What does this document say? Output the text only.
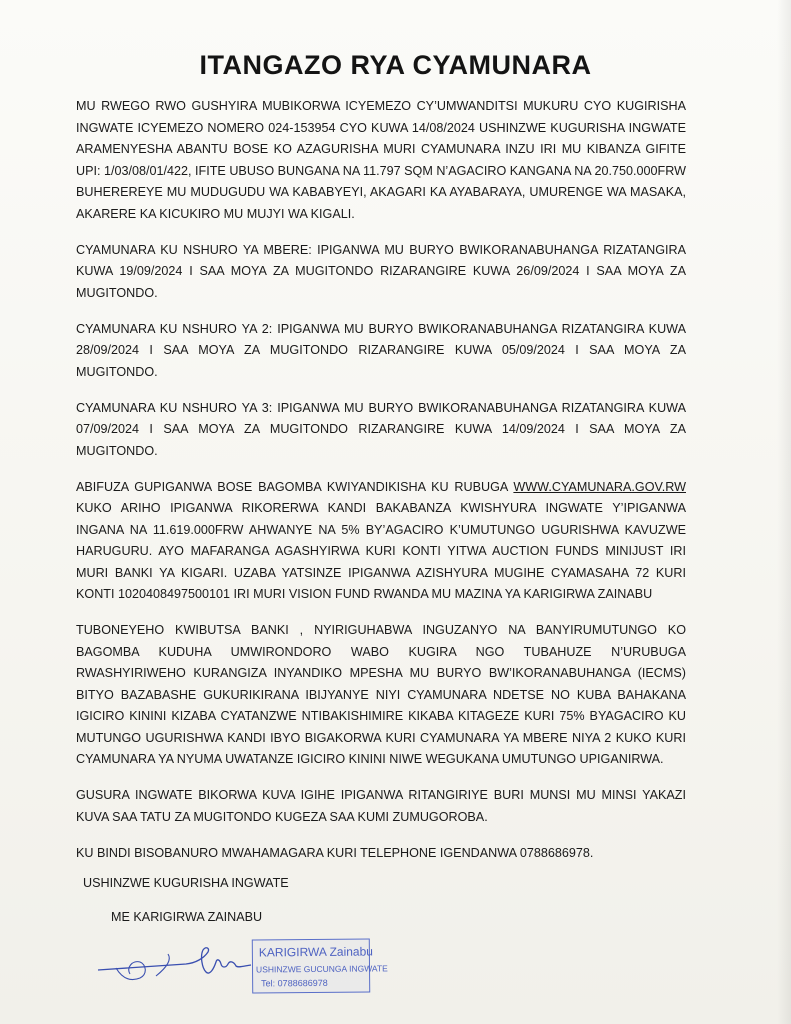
ITANGAZO RYA CYAMUNARA

MU RWEGO RWO GUSHYIRA MUBIKORWA ICYEMEZO CY’UMWANDITSI MUKURU CYO KUGIRISHA INGWATE ICYEMEZO NOMERO 024-153954 CYO KUWA 14/08/2024 USHINZWE KUGURISHA INGWATE ARAMENYESHA ABANTU BOSE KO AZAGURISHA MURI CYAMUNARA INZU IRI MU KIBANZA GIFITE UPI: 1/03/08/01/422, IFITE UBUSO BUNGANA NA 11.797 SQM N’AGACIRO KANGANA NA 20.750.000FRW BUHEREREYE MU MUDUGUDU WA KABABYEYI, AKAGARI KA AYABARAYA, UMURENGE WA MASAKA, AKARERE KA KICUKIRO MU MUJYI WA KIGALI.

CYAMUNARA KU NSHURO YA MBERE: IPIGANWA MU BURYO BWIKORANABUHANGA RIZATANGIRA KUWA 19/09/2024 I SAA MOYA ZA MUGITONDO RIZARANGIRE KUWA 26/09/2024 I SAA MOYA ZA MUGITONDO.

CYAMUNARA KU NSHURO YA 2: IPIGANWA MU BURYO BWIKORANABUHANGA RIZATANGIRA KUWA 28/09/2024 I SAA MOYA ZA MUGITONDO RIZARANGIRE KUWA 05/09/2024 I SAA MOYA ZA MUGITONDO.

CYAMUNARA KU NSHURO YA 3: IPIGANWA MU BURYO BWIKORANABUHANGA RIZATANGIRA KUWA 07/09/2024 I SAA MOYA ZA MUGITONDO RIZARANGIRE KUWA 14/09/2024 I SAA MOYA ZA MUGITONDO.

ABIFUZA GUPIGANWA BOSE BAGOMBA KWIYANDIKISHA KU RUBUGA WWW.CYAMUNARA.GOV.RW KUKO ARIHO IPIGANWA RIKORERWA KANDI BAKABANZA KWISHYURA INGWATE Y’IPIGANWA INGANA NA 11.619.000FRW AHWANYE NA 5% BY’AGACIRO K’UMUTUNGO UGURISHWA KAVUZWE HARUGURU. AYO MAFARANGA AGASHYIRWA KURI KONTI YITWA AUCTION FUNDS MINIJUST IRI MURI BANKI YA KIGARI. UZABA YATSINZE IPIGANWA AZISHYURA MUGIHE CYAMASAHA 72 KURI KONTI 1020408497500101 IRI MURI VISION FUND RWANDA MU MAZINA YA KARIGIRWA ZAINABU

TUBONEYEHO KWIBUTSA BANKI , NYIRIGUHABWA INGUZANYO NA BANYIRUMUTUNGO KO BAGOMBA KUDUHA UMWIRONDORO WABO KUGIRA NGO TUBAHUZE N’URUBUGA RWASHYIRIWEHO KURANGIZA INYANDIKO MPESHA MU BURYO BW’IKORANABUHANGA (IECMS) BITYO BAZABASHE GUKURIKIRANA IBIJYANYE NIYI CYAMUNARA NDETSE NO KUBA BAHAKANA IGICIRO KININI KIZABA CYATANZWE NTIBAKISHIMIRE KIKABA KITAGEZE KURI 75% BYAGACIRO KU MUTUNGO UGURISHWA KANDI IBYO BIGAKORWA KURI CYAMUNARA YA MBERE NIYA 2 KUKO KURI CYAMUNARA YA NYUMA UWATANZE IGICIRO KININI NIWE WEGUKANA UMUTUNGO UPIGANIRWA.

GUSURA INGWATE BIKORWA KUVA IGIHE IPIGANWA RITANGIRIYE BURI MUNSI MU MINSI YAKAZI KUVA SAA TATU ZA MUGITONDO KUGEZA SAA KUMI ZUMUGOROBA.

KU BINDI BISOBANURO MWAHAMAGARA KURI TELEPHONE IGENDANWA 0788686978.

USHINZWE KUGURISHA INGWATE
ME KARIGIRWA ZAINABU
KARIGIRWA Zainabu
USHINZWE GUCUNGA INGWATE
Tel: 0788686978
